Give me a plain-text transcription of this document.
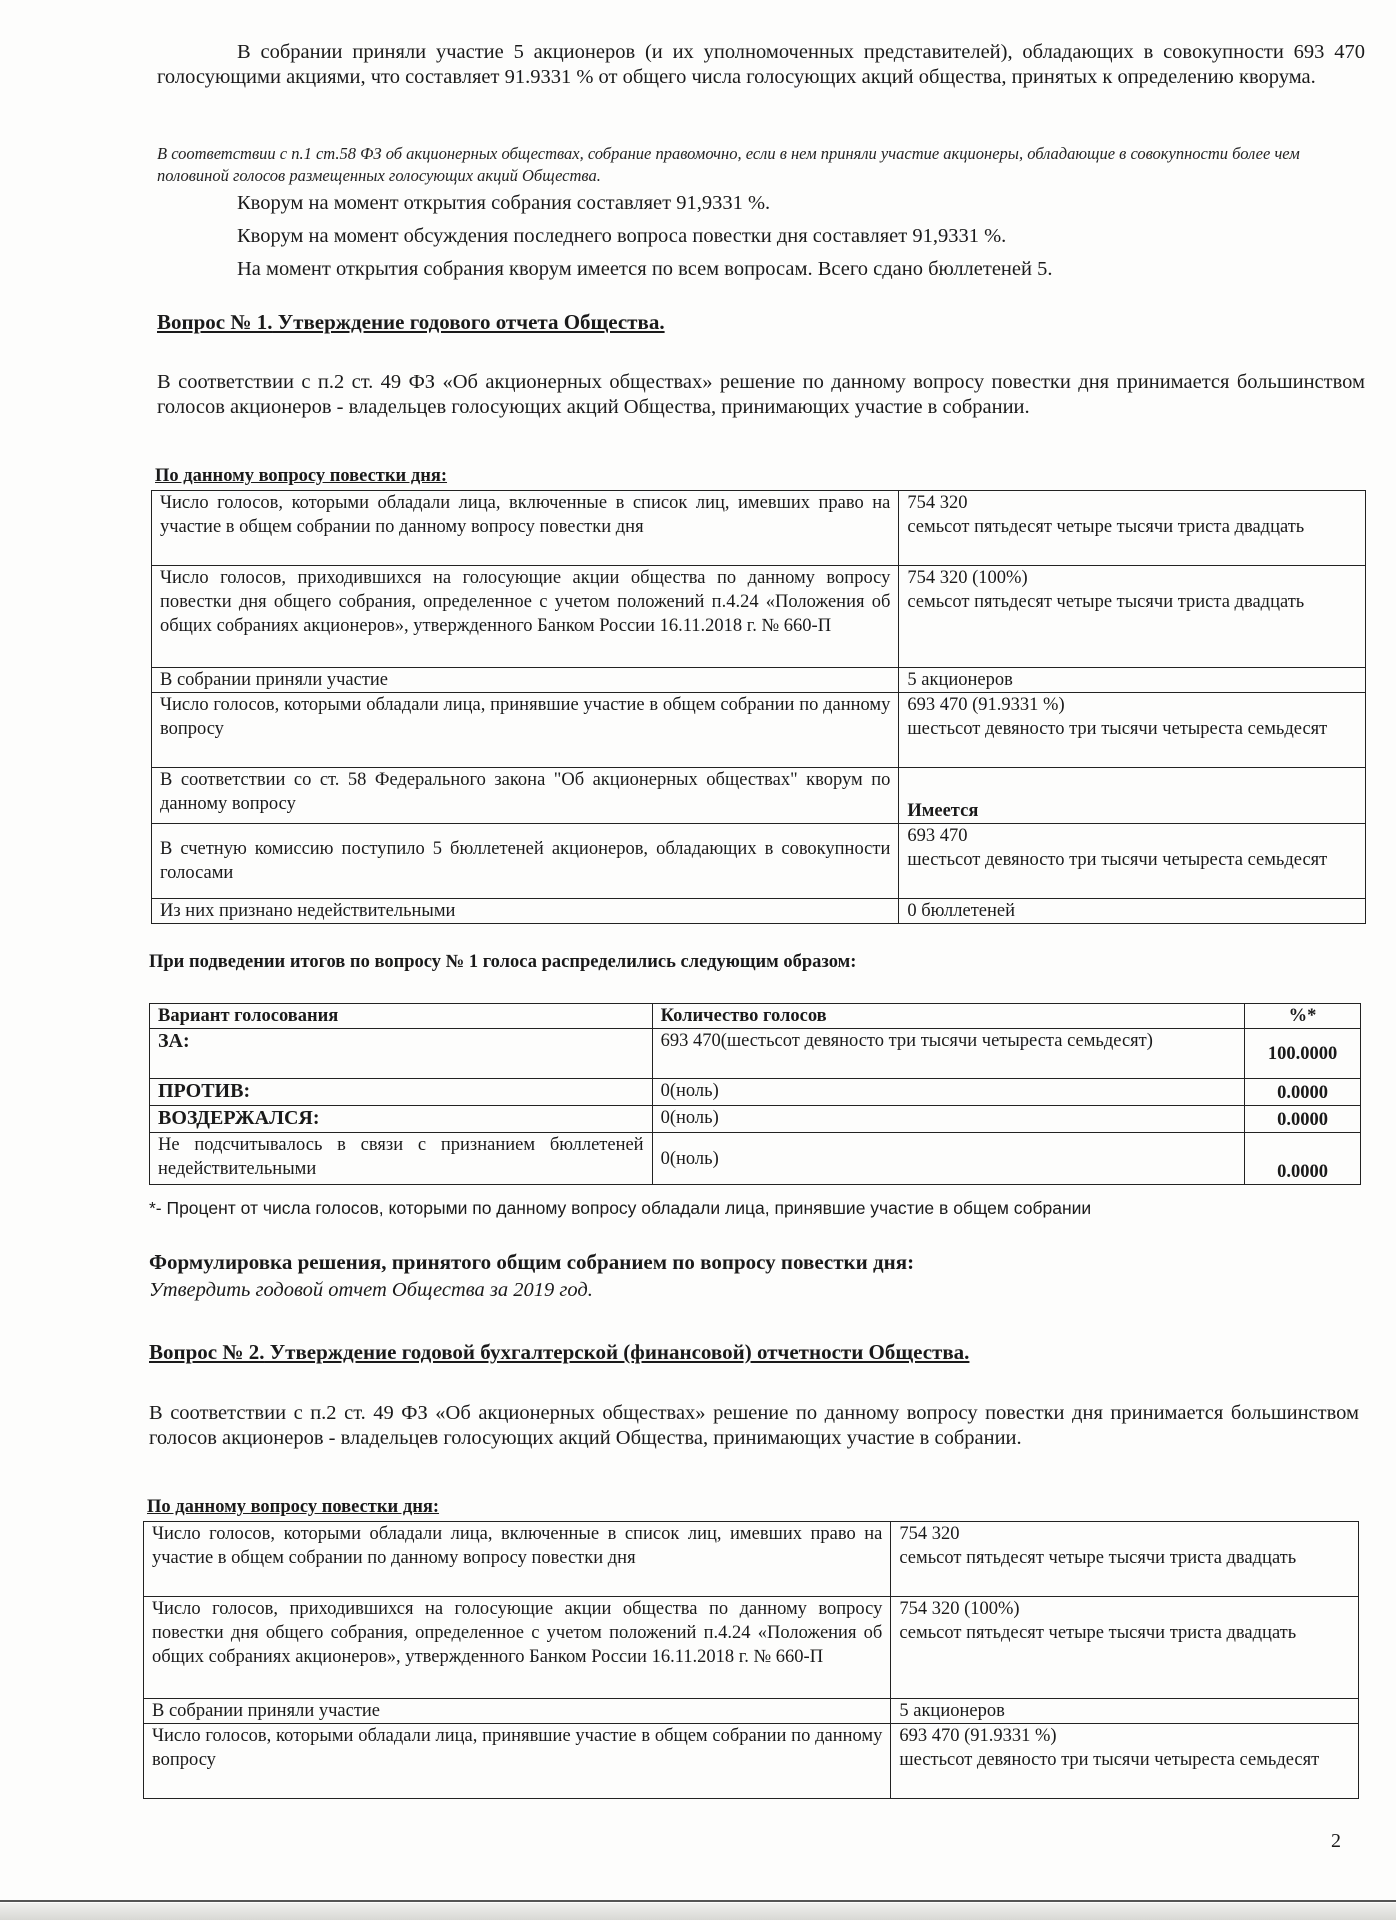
В собрании приняли участие 5 акционеров (и их уполномоченных представителей), обладающих в совокупности 693 470 голосующими акциями, что составляет 91.9331 % от общего числа голосующих акций общества, принятых к определению кворума.
В соответствии с п.1 ст.58 ФЗ об акционерных обществах, собрание правомочно, если в нем приняли участие акционеры, обладающие в совокупности более чем половиной голосов размещенных голосующих акций Общества.
Кворум на момент открытия собрания составляет 91,9331 %.
Кворум на момент обсуждения последнего вопроса повестки дня составляет 91,9331 %.
На момент открытия собрания кворум имеется по всем вопросам. Всего сдано бюллетеней 5.
Вопрос № 1. Утверждение годового отчета Общества.
В соответствии с п.2 ст. 49 ФЗ «Об акционерных обществах» решение по данному вопросу повестки дня принимается большинством голосов акционеров - владельцев голосующих акций Общества, принимающих участие в собрании.
По данному вопросу повестки дня:
Число голосов, которыми обладали лица, включенные в список лиц, имевших право на участие в общем собрании по данному вопросу повестки дня	754 320
семьсот пятьдесят четыре тысячи триста двадцать

Число голосов, приходившихся на голосующие акции общества по данному вопросу повестки дня общего собрания, определенное с учетом положений п.4.24 «Положения об общих собраниях акционеров», утвержденного Банком России 16.11.2018 г. № 660-П	754 320 (100%)
семьсот пятьдесят четыре тысячи триста двадцать

В собрании приняли участие	5 акционеров

Число голосов, которыми обладали лица, принявшие участие в общем собрании по данному вопросу	693 470 (91.9331 %)
шестьсот девяносто три тысячи четыреста семьдесят

В соответствии со ст. 58 Федерального закона "Об акционерных обществах" кворум по данному вопросу	Имеется

В счетную комиссию поступило 5 бюллетеней акционеров, обладающих в совокупности голосами	693 470
шестьсот девяносто три тысячи четыреста семьдесят

Из них признано недействительными	0 бюллетеней
При подведении итогов по вопросу № 1 голоса распределились следующим образом:
Вариант голосования	Количество голосов	%*
ЗА:	693 470(шестьсот девяносто три тысячи четыреста семьдесят)	100.0000
ПРОТИВ:	0(ноль)	0.0000
ВОЗДЕРЖАЛСЯ:	0(ноль)	0.0000
Не подсчитывалось в связи с признанием бюллетеней недействительными	0(ноль)	0.0000
*- Процент от числа голосов, которыми по данному вопросу обладали лица, принявшие участие в общем собрании
Формулировка решения, принятого общим собранием по вопросу повестки дня:
Утвердить годовой отчет Общества за 2019 год.
Вопрос № 2. Утверждение годовой бухгалтерской (финансовой) отчетности Общества.
В соответствии с п.2 ст. 49 ФЗ «Об акционерных обществах» решение по данному вопросу повестки дня принимается большинством голосов акционеров - владельцев голосующих акций Общества, принимающих участие в собрании.
По данному вопросу повестки дня:
Число голосов, которыми обладали лица, включенные в список лиц, имевших право на участие в общем собрании по данному вопросу повестки дня	754 320
семьсот пятьдесят четыре тысячи триста двадцать

Число голосов, приходившихся на голосующие акции общества по данному вопросу повестки дня общего собрания, определенное с учетом положений п.4.24 «Положения об общих собраниях акционеров», утвержденного Банком России 16.11.2018 г. № 660-П	754 320 (100%)
семьсот пятьдесят четыре тысячи триста двадцать

В собрании приняли участие	5 акционеров

Число голосов, которыми обладали лица, принявшие участие в общем собрании по данному вопросу	693 470 (91.9331 %)
шестьсот девяносто три тысячи четыреста семьдесят
2
